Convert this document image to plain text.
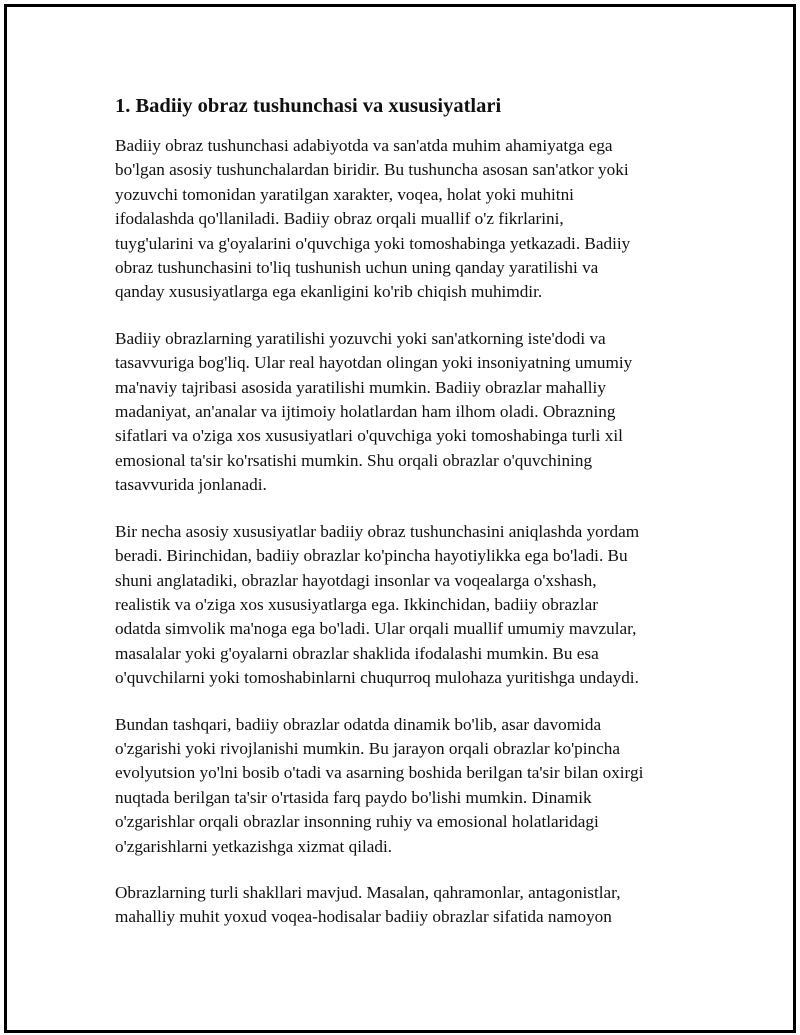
1. Badiiy obraz tushunchasi va xususiyatlari

Badiiy obraz tushunchasi adabiyotda va san'atda muhim ahamiyatga ega
bo'lgan asosiy tushunchalardan biridir. Bu tushuncha asosan san'atkor yoki
yozuvchi tomonidan yaratilgan xarakter, voqea, holat yoki muhitni
ifodalashda qo'llaniladi. Badiiy obraz orqali muallif o'z fikrlarini,
tuyg'ularini va g'oyalarini o'quvchiga yoki tomoshabinga yetkazadi. Badiiy
obraz tushunchasini to'liq tushunish uchun uning qanday yaratilishi va
qanday xususiyatlarga ega ekanligini ko'rib chiqish muhimdir.

Badiiy obrazlarning yaratilishi yozuvchi yoki san'atkorning iste'dodi va
tasavvuriga bog'liq. Ular real hayotdan olingan yoki insoniyatning umumiy
ma'naviy tajribasi asosida yaratilishi mumkin. Badiiy obrazlar mahalliy
madaniyat, an'analar va ijtimoiy holatlardan ham ilhom oladi. Obrazning
sifatlari va o'ziga xos xususiyatlari o'quvchiga yoki tomoshabinga turli xil
emosional ta'sir ko'rsatishi mumkin. Shu orqali obrazlar o'quvchining
tasavvurida jonlanadi.

Bir necha asosiy xususiyatlar badiiy obraz tushunchasini aniqlashda yordam
beradi. Birinchidan, badiiy obrazlar ko'pincha hayotiylikka ega bo'ladi. Bu
shuni anglatadiki, obrazlar hayotdagi insonlar va voqealarga o'xshash,
realistik va o'ziga xos xususiyatlarga ega. Ikkinchidan, badiiy obrazlar
odatda simvolik ma'noga ega bo'ladi. Ular orqali muallif umumiy mavzular,
masalalar yoki g'oyalarni obrazlar shaklida ifodalashi mumkin. Bu esa
o'quvchilarni yoki tomoshabinlarni chuqurroq mulohaza yuritishga undaydi.

Bundan tashqari, badiiy obrazlar odatda dinamik bo'lib, asar davomida
o'zgarishi yoki rivojlanishi mumkin. Bu jarayon orqali obrazlar ko'pincha
evolyutsion yo'lni bosib o'tadi va asarning boshida berilgan ta'sir bilan oxirgi
nuqtada berilgan ta'sir o'rtasida farq paydo bo'lishi mumkin. Dinamik
o'zgarishlar orqali obrazlar insonning ruhiy va emosional holatlaridagi
o'zgarishlarni yetkazishga xizmat qiladi.

Obrazlarning turli shakllari mavjud. Masalan, qahramonlar, antagonistlar,
mahalliy muhit yoxud voqea-hodisalar badiiy obrazlar sifatida namoyon
